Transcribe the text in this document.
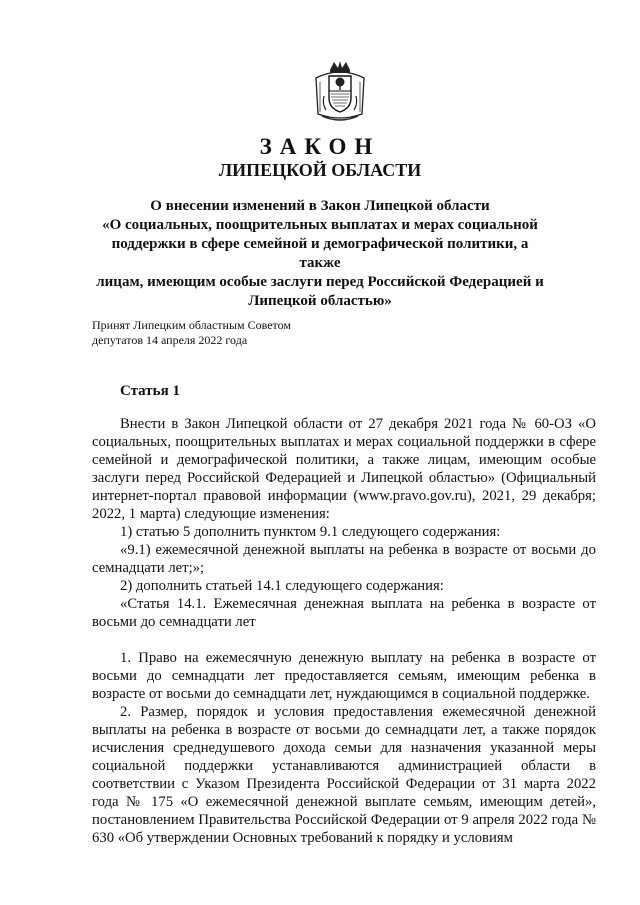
ЗАКОН
ЛИПЕЦКОЙ ОБЛАСТИ
О внесении изменений в Закон Липецкой области
«О социальных, поощрительных выплатах и мерах социальной
поддержки в сфере семейной и демографической политики, а также
лицам, имеющим особые заслуги перед Российской Федерацией и
Липецкой областью»
Принят Липецким областным Советом
депутатов 14 апреля 2022 года
Статья 1

Внести в Закон Липецкой области от 27 декабря 2021 года № 60-ОЗ «О социальных, поощрительных выплатах и мерах социальной поддержки в сфере семейной и демографической политики, а также лицам, имеющим особые заслуги перед Российской Федерацией и Липецкой областью» (Официальный интернет-портал правовой информации (www.pravo.gov.ru), 2021, 29 декабря; 2022, 1 марта) следующие изменения:

1) статью 5 дополнить пунктом 9.1 следующего содержания:

«9.1) ежемесячной денежной выплаты на ребенка в возрасте от восьми до семнадцати лет;»;

2) дополнить статьей 14.1 следующего содержания:

«Статья 14.1. Ежемесячная денежная выплата на ребенка в возрасте от восьми до семнадцати лет

1. Право на ежемесячную денежную выплату на ребенка в возрасте от восьми до семнадцати лет предоставляется семьям, имеющим ребенка в возрасте от восьми до семнадцати лет, нуждающимся в социальной поддержке.

2. Размер, порядок и условия предоставления ежемесячной денежной выплаты на ребенка в возрасте от восьми до семнадцати лет, а также порядок исчисления среднедушевого дохода семьи для назначения указанной меры социальной поддержки устанавливаются администрацией области в соответствии с Указом Президента Российской Федерации от 31 марта 2022 года № 175 «О ежемесячной денежной выплате семьям, имеющим детей», постановлением Правительства Российской Федерации от 9 апреля 2022 года № 630 «Об утверждении Основных требований к порядку и условиям
